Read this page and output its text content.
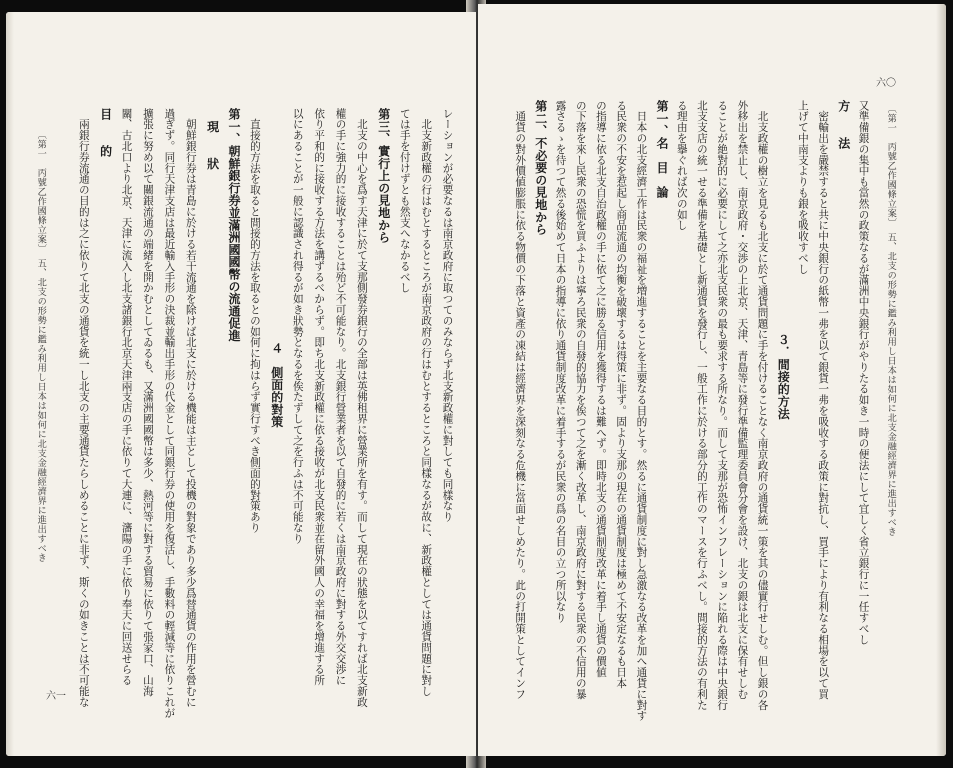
レーションが必要なるは南京政府に取つてのみならず北支新政權に對しても同樣なり
　北支新政權の行はむとするところが南京政府の行はむとするところと同樣なるが故に、新政權としては通貨問題に對し
ては手を付けずとも然支へなかるべし
第三、實行上の見地から
　北支の中心を爲す天津に於て支那側發券銀行の全部は英佛租界に營業所を有す。而して現在の狀態を以てすれば北支新政
權の手に強力的に接收することは殆ど不可能なり。北支銀行營業者を以て自發的に若くは南京政府に對する外交交渉に
依り平和的に接收する方法を講ずるべからず。即ち北支新政權に依る接收が北支民衆並在留外國人の幸福を增進する所
以にあることが一般に認識され得るが如き狀勢となるを俟たずして之を行ふは不可能なり
　　　　　　　　　　　　　　　　　　　４　側面的對策
　直接的方法を取ると間接的方法を取るとの如何に拘はらず實行すべき側面的對策あり
第一、朝鮮銀行券並滿洲國國幣の流通促進
　現　　狀
　朝鮮銀行券は青島に於ける若干流通を除けば北支に於ける機能は主として投機の對象であり多少爲替通貨の作用を營むに
過ぎず。同行天津支店は最近輸入手形の決裁並輸出手形の代金として同銀行券の使用を復活し、手數料の輕減等に依りこれが
擴張に努め以て關銀流通の端緒を開かむとしてゐるも、又滿洲國國幣は多少、熱河等に對する貿易に依りて張家口、山海
關、古北口より北京、天津に流入し北支諸銀行北京天津兩支店の手に依りて大連に、瀋陽の手に依り奉天に回送せらる
目　　的
　兩銀行券流通の目的は之に依りて北支の通貨を統一し北支の主要通貨たらしめることに非ず、斯くの如きことは不可能な
〔第一　丙號乙作國條立案〕　五、北支の形勢に鑑み利用し日本は如何に北支金融經濟界に進出すべき
六一
又準備銀の集中も當然の政策なるが滿洲中央銀行がやりたる如き一時の便法にして宜しく省立銀行に一任すべし
方　　法
　密輸出を嚴禁すると共に中央銀行の紙幣一弗を以て銀貨一弗を吸收する政策に對抗し、買手により有利なる相場を以て買
上げて中南支よりも銀を吸收すべし
　　　　　　　　　　　　　　　　　　　３．間接的方法
　北支政權の樹立を見るも北支に於て通貨問題に手を付けることなく南京政府の通貨統一策を其の儘實行せしむ。但し銀の各
外移出を禁止し、南京政府・交渉の上北京、天津、青島等に發行準備監理委員會分會を設け、北支の銀は北支に保有せしむ
ることが絶對的に必要にして之亦北支民衆の最も要求する所なり。而して支那が恐怖インフレーションに陥れる際は中央銀行
北支支店の統一せる準備を基礎とし新通貨を發行し、一般工作に於ける部分的工作のマースを行ふべし。間接的方法の有利た
る理由を擧ぐれば次の如し
第一、名　目　論
　日本の北支經濟工作は民衆の福祉を増進することを主要なる目的とす。然るに通貨制度に對し急激なる改革を加へ通貨に對す
る民衆の不安を惹起し商品流通の均衡を破壞するは得策に非ず。固より支那の現在の通貨制度は極めて不安定なるも日本
の指導に依る北支自治政權の手に依て之に勝る信用を獲得するは難へず。即時北支の通貨制度改革に着手し通貨の價値
の下落を來し民衆の恐慌を買ふよりは寧ろ民衆の自發的協力を俟つて之を漸く改革し、南京政府に對する民衆の不信用の暴
露さるゝを待つて然る後始めて日本の指導に依り通貨制度改革に着手するが民衆の爲の名目の立つ所以なり
第二、不必要の見地から
　通貨の對外價値膨脹に依る物價の下落と資產の凍結は經濟界を深刻なる危機に當面せしめたり。此の打開策としてインフ	〔第一　丙號乙作國條立案〕　五、北支の形勢に鑑み利用し日本は如何に北支金融經濟界に進出すべき
六〇
